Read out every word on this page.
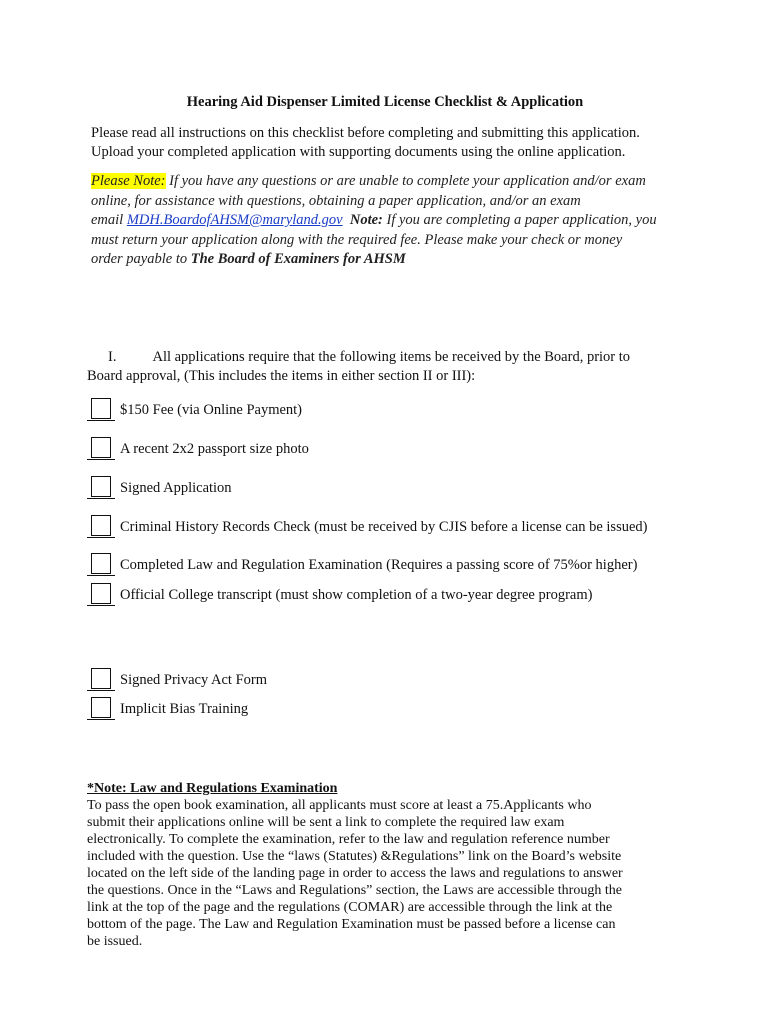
Hearing Aid Dispenser Limited License Checklist & Application
Please read all instructions on this checklist before completing and submitting this application.
Upload your completed application with supporting documents using the online application.
Please Note: If you have any questions or are unable to complete your application and/or exam
online, for assistance with questions, obtaining a paper application, and/or an exam
email MDH.BoardofAHSM@maryland.gov Note: If you are completing a paper application, you
must return your application along with the required fee. Please make your check or money
order payable to The Board of Examiners for AHSM
I. All applications require that the following items be received by the Board, prior to
Board approval, (This includes the items in either section II or III):
$150 Fee (via Online Payment)
A recent 2x2 passport size photo
Signed Application
Criminal History Records Check (must be received by CJIS before a license can be issued)
Completed Law and Regulation Examination (Requires a passing score of 75%or higher)
Official College transcript (must show completion of a two-year degree program)
Signed Privacy Act Form
Implicit Bias Training
*Note: Law and Regulations Examination
To pass the open book examination, all applicants must score at least a 75.Applicants who
submit their applications online will be sent a link to complete the required law exam
electronically. To complete the examination, refer to the law and regulation reference number
included with the question. Use the “laws (Statutes) &Regulations” link on the Board’s website
located on the left side of the landing page in order to access the laws and regulations to answer
the questions. Once in the “Laws and Regulations” section, the Laws are accessible through the
link at the top of the page and the regulations (COMAR) are accessible through the link at the
bottom of the page. The Law and Regulation Examination must be passed before a license can
be issued.
